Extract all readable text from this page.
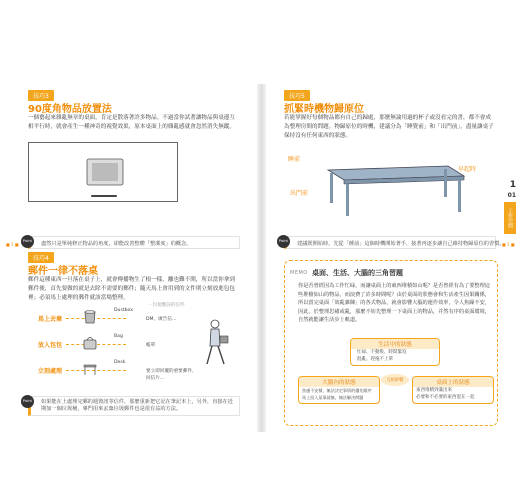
技巧3
90度角物品放置法
一個藝起來雜亂無章的桌面，肯定是散落著許多物品。不過當你試著讓物品與桌邊互相平行時，就會產生一種神奇的視覺效果，原本桌面上的雜亂感就會忽然消失無蹤。
Point	盡然只是單純修正物品的角度，卻能改善整體「整潔度」的概念。
■ 1 ■
技巧4
郵件一律不落桌
郵件這種東西一旦落在桌子上，就會傳播物生了根一樣，離也難不開，所以當你拿到郵件後，首先要做的就是去除不需要的郵件；隨天馬上會用到的文件則立刻放進包包裡；必須馬上處理的郵件就該當場整理。
一封規應該的信件
馬上丟棄
Dustbox
DM、廣告信…
放入包包
Bag
帳單
立刻處理
Desk
要立即回覆的重要郵件、回信片…
Point	如果能在上處理完郵的週資訊等信件，那麼重新把它記在筆記本上，另外，直接在近期加一個垃圾桶，專門用來丟棄垃圾郵件也是很有益的方法。
技巧5
抓緊時機物歸原位
若能掌握好每個物品都有自己的歸處，那麼無論用過的杯子或沒看完的書，都不會成為整理房間的問題。物歸原位的時機，建議分為「睡覺前」和「出門前」，盡量讓桌子保持沒有任何東西的狀態。
睡前
出門前
早起時
Point	建議既開始時，先從「睡前」這個時機開始著手，接著再逐步讓自己維持物歸原位的習慣。
■ 1 ■
MEMO 桌面、生活、大腦的三角習題
你是否曾經因為工作忙碌，而讓桌面上的東西堆積如山呢？是否曾經有為了要整理這些堆積如山的物品，而浪費了許多時間呢？由於桌面的狀態會和生活產生因果關係，所以當完桌面「效亂雜陳」的各式物品，就會影響大腦的運作效率，令人焦躁不安，因此，於整理思緒或亂，那麼不妨先整理一下桌面上的物品，并然有序的桌面環境，自然就能讓生活步上軌道。
生活中的狀態
忙碌、不動股、時間緊迫
混亂、趕拖不上單
互相影響
大腦內的狀態
焦慮不安積，無法決定事情的優先順序
馬上投入某事就無，無法解決問題
桌面上的狀態
東西堆積到滿出來
必要和不必要的東西混在一起
1
01
工作空間
